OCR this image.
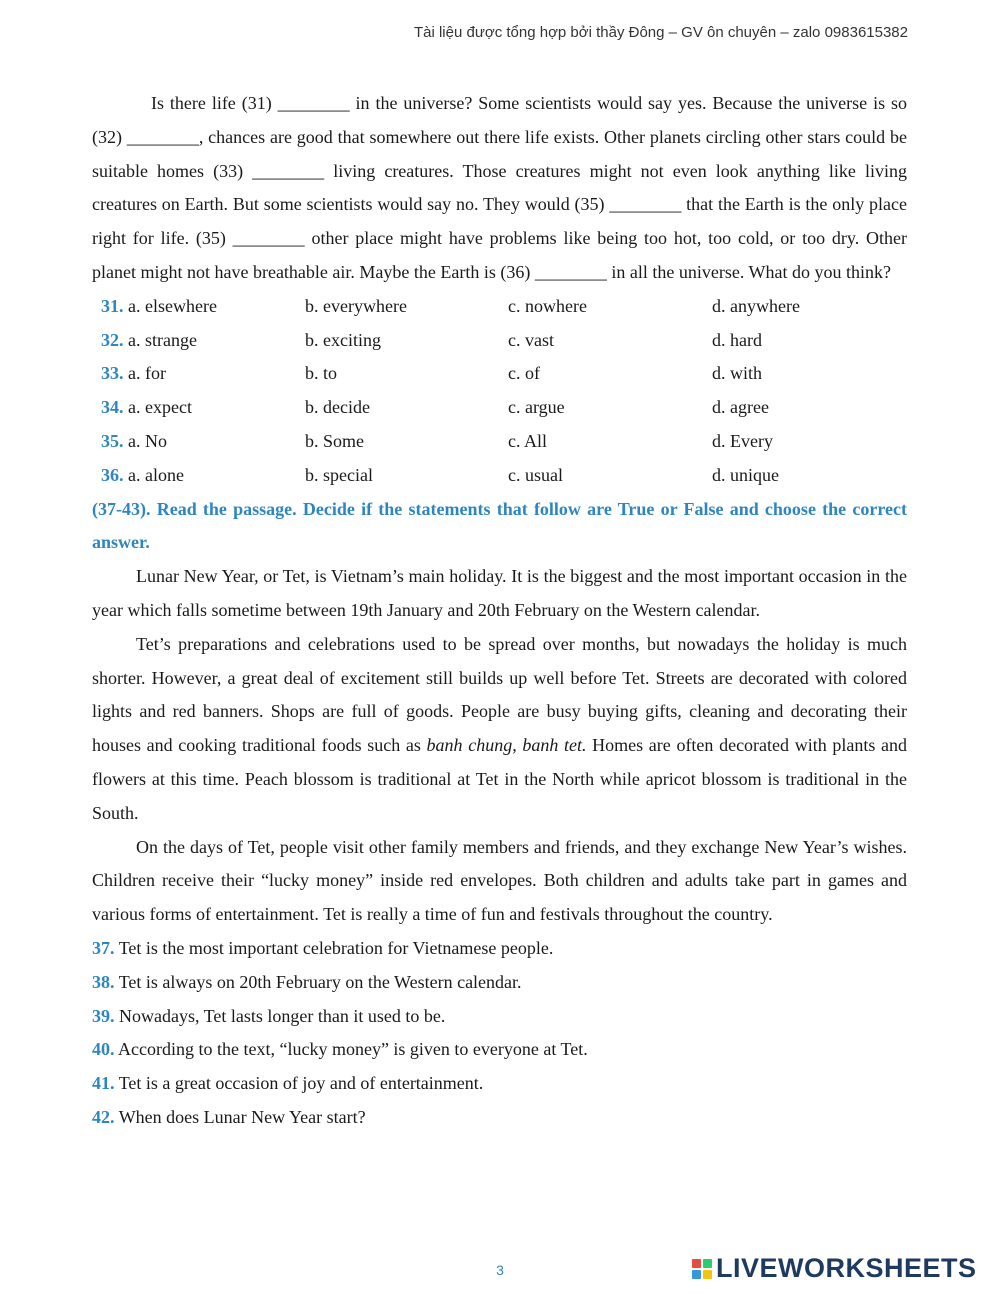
Tài liệu được tổng hợp bởi thầy Đông – GV ôn chuyên – zalo 0983615382

Is there life (31) ________ in the universe? Some scientists would say yes. Because the universe is so (32) ________, chances are good that somewhere out there life exists. Other planets circling other stars could be suitable homes (33) ________ living creatures. Those creatures might not even look anything like living creatures on Earth. But some scientists would say no. They would (35) ________ that the Earth is the only place right for life. (35) ________ other place might have problems like being too hot, too cold, or too dry. Other planet might not have breathable air. Maybe the Earth is (36) ________ in all the universe. What do you think?

31. a. elsewhere	b. everywhere	c. nowhere	d. anywhere
32. a. strange	b. exciting	c. vast	d. hard
33. a. for	b. to	c. of	d. with
34. a. expect	b. decide	c. argue	d. agree
35. a. No	b. Some	c. All	d. Every
36. a. alone	b. special	c. usual	d. unique

(37-43). Read the passage. Decide if the statements that follow are True or False and choose the correct answer.

Lunar New Year, or Tet, is Vietnam’s main holiday. It is the biggest and the most important occasion in the year which falls sometime between 19th January and 20th February on the Western calendar.

Tet’s preparations and celebrations used to be spread over months, but nowadays the holiday is much shorter. However, a great deal of excitement still builds up well before Tet. Streets are decorated with colored lights and red banners. Shops are full of goods. People are busy buying gifts, cleaning and decorating their houses and cooking traditional foods such as banh chung, banh tet. Homes are often decorated with plants and flowers at this time. Peach blossom is traditional at Tet in the North while apricot blossom is traditional in the South.

On the days of Tet, people visit other family members and friends, and they exchange New Year’s wishes. Children receive their “lucky money” inside red envelopes. Both children and adults take part in games and various forms of entertainment. Tet is really a time of fun and festivals throughout the country.

37. Tet is the most important celebration for Vietnamese people.

38. Tet is always on 20th February on the Western calendar.

39. Nowadays, Tet lasts longer than it used to be.

40. According to the text, “lucky money” is given to everyone at Tet.

41. Tet is a great occasion of joy and of entertainment.

42. When does Lunar New Year start?

3	LIVEWORKSHEETS
